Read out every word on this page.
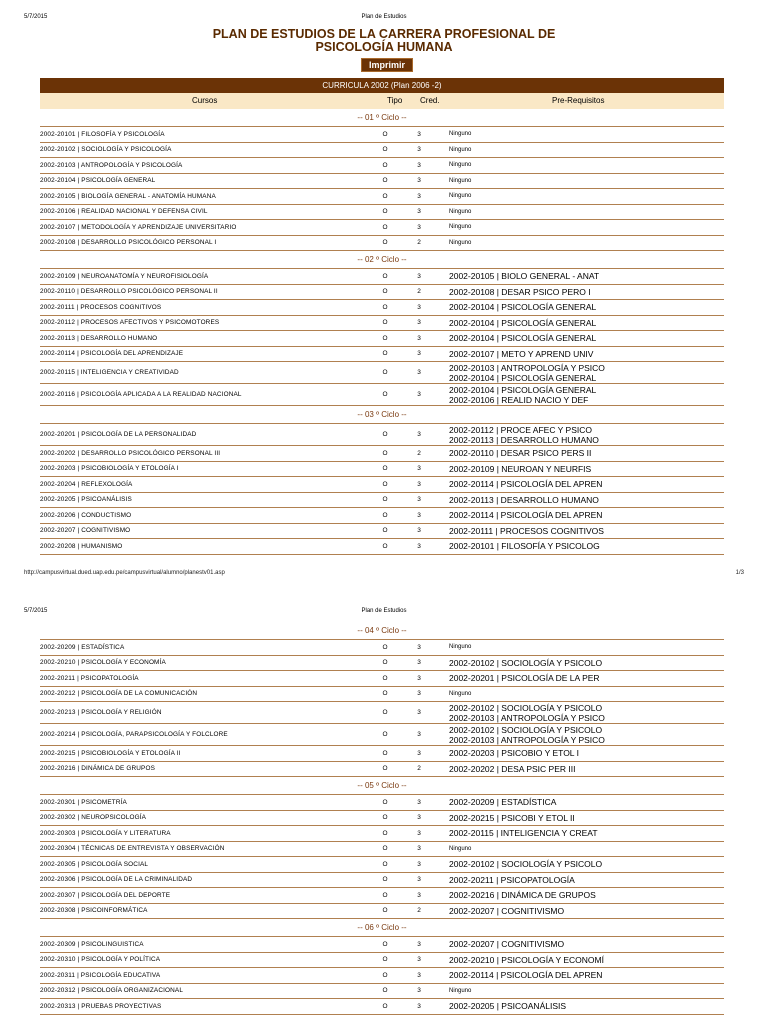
5/7/2015	Plan de Estudios
PLAN DE ESTUDIOS DE LA CARRERA PROFESIONAL DE
PSICOLOGÍA HUMANA
Imprimir
CURRICULA 2002 (Plan 2006 -2)
Cursos	Tipo Cred.	Pre-Requisitos
-- 01 º Ciclo --
2002-20101 | FILOSOFÍA Y PSICOLOGÍA	O	3	Ninguno
2002-20102 | SOCIOLOGÍA Y PSICOLOGÍA	O	3	Ninguno
2002-20103 | ANTROPOLOGÍA Y PSICOLOGÍA	O	3	Ninguno
2002-20104 | PSICOLOGÍA GENERAL	O	3	Ninguno
2002-20105 | BIOLOGÍA GENERAL - ANATOMÍA HUMANA	O	3	Ninguno
2002-20106 | REALIDAD NACIONAL Y DEFENSA CIVIL	O	3	Ninguno
2002-20107 | METODOLOGÍA Y APRENDIZAJE UNIVERSITARIO	O	3	Ninguno
2002-20108 | DESARROLLO PSICOLÓGICO PERSONAL I	O	2	Ninguno
-- 02 º Ciclo --
2002-20109 | NEUROANATOMÍA Y NEUROFISIOLOGÍA	O	3	2002-20105 | BIOLO GENERAL - ANAT
2002-20110 | DESARROLLO PSICOLÓGICO PERSONAL II	O	2	2002-20108 | DESAR PSICO PERO I
2002-20111 | PROCESOS COGNITIVOS	O	3	2002-20104 | PSICOLOGÍA GENERAL
2002-20112 | PROCESOS AFECTIVOS Y PSICOMOTORES	O	3	2002-20104 | PSICOLOGÍA GENERAL
2002-20113 | DESARROLLO HUMANO	O	3	2002-20104 | PSICOLOGÍA GENERAL
2002-20114 | PSICOLOGÍA DEL APRENDIZAJE	O	3	2002-20107 | METO Y APREND UNIV
2002-20115 | INTELIGENCIA Y CREATIVIDAD	O	3	2002-20103 | ANTROPOLOGÍA Y PSICO
2002-20104 | PSICOLOGÍA GENERAL
2002-20116 | PSICOLOGÍA APLICADA A LA REALIDAD NACIONAL	O	3	2002-20104 | PSICOLOGÍA GENERAL
2002-20106 | REALID NACIO Y DEF
-- 03 º Ciclo --
2002-20201 | PSICOLOGÍA DE LA PERSONALIDAD	O	3	2002-20112 | PROCE AFEC Y PSICO
2002-20113 | DESARROLLO HUMANO
2002-20202 | DESARROLLO PSICOLÓGICO PERSONAL III	O	2	2002-20110 | DESAR PSICO PERS II
2002-20203 | PSICOBIOLOGÍA Y ETOLOGÍA I	O	3	2002-20109 | NEUROAN Y NEURFIS
2002-20204 | REFLEXOLOGÍA	O	3	2002-20114 | PSICOLOGÍA DEL APREN
2002-20205 | PSICOANÁLISIS	O	3	2002-20113 | DESARROLLO HUMANO
2002-20206 | CONDUCTISMO	O	3	2002-20114 | PSICOLOGÍA DEL APREN
2002-20207 | COGNITIVISMO	O	3	2002-20111 | PROCESOS COGNITIVOS
2002-20208 | HUMANISMO	O	3	2002-20101 | FILOSOFÍA Y PSICOLOG
http://campusvirtual.dued.uap.edu.pe/campusvirtual/alumno/planestv01.asp	1/3
5/7/2015	Plan de Estudios
-- 04 º Ciclo --
2002-20209 | ESTADÍSTICA	O	3	Ninguno
2002-20210 | PSICOLOGÍA Y ECONOMÍA	O	3	2002-20102 | SOCIOLOGÍA Y PSICOLO
2002-20211 | PSICOPATOLOGÍA	O	3	2002-20201 | PSICOLOGÍA DE LA PER
2002-20212 | PSICOLOGÍA DE LA COMUNICACIÓN	O	3	Ninguno
2002-20213 | PSICOLOGÍA Y RELIGIÓN	O	3	2002-20102 | SOCIOLOGÍA Y PSICOLO
2002-20103 | ANTROPOLOGÍA Y PSICO
2002-20214 | PSICOLOGÍA, PARAPSICOLOGÍA Y FOLCLORE	O	3	2002-20102 | SOCIOLOGÍA Y PSICOLO
2002-20103 | ANTROPOLOGÍA Y PSICO
2002-20215 | PSICOBIOLOGÍA Y ETOLOGÍA II	O	3	2002-20203 | PSICOBIO Y ETOL I
2002-20216 | DINÁMICA DE GRUPOS	O	2	2002-20202 | DESA PSIC PER III
-- 05 º Ciclo --
2002-20301 | PSICOMETRÍA	O	3	2002-20209 | ESTADÍSTICA
2002-20302 | NEUROPSICOLOGÍA	O	3	2002-20215 | PSICOBI Y ETOL II
2002-20303 | PSICOLOGÍA Y LITERATURA	O	3	2002-20115 | INTELIGENCIA Y CREAT
2002-20304 | TÉCNICAS DE ENTREVISTA Y OBSERVACIÓN	O	3	Ninguno
2002-20305 | PSICOLOGÍA SOCIAL	O	3	2002-20102 | SOCIOLOGÍA Y PSICOLO
2002-20306 | PSICOLOGÍA DE LA CRIMINALIDAD	O	3	2002-20211 | PSICOPATOLOGÍA
2002-20307 | PSICOLOGÍA DEL DEPORTE	O	3	2002-20216 | DINÁMICA DE GRUPOS
2002-20308 | PSICOINFORMÁTICA	O	2	2002-20207 | COGNITIVISMO
-- 06 º Ciclo --
2002-20309 | PSICOLINGUISTICA	O	3	2002-20207 | COGNITIVISMO
2002-20310 | PSICOLOGÍA Y POLÍTICA	O	3	2002-20210 | PSICOLOGÍA Y ECONOMÍ
2002-20311 | PSICOLOGÍA EDUCATIVA	O	3	2002-20114 | PSICOLOGÍA DEL APREN
2002-20312 | PSICOLOGÍA ORGANIZACIONAL	O	3	Ninguno
2002-20313 | PRUEBAS PROYECTIVAS	O	3	2002-20205 | PSICOANÁLISIS
